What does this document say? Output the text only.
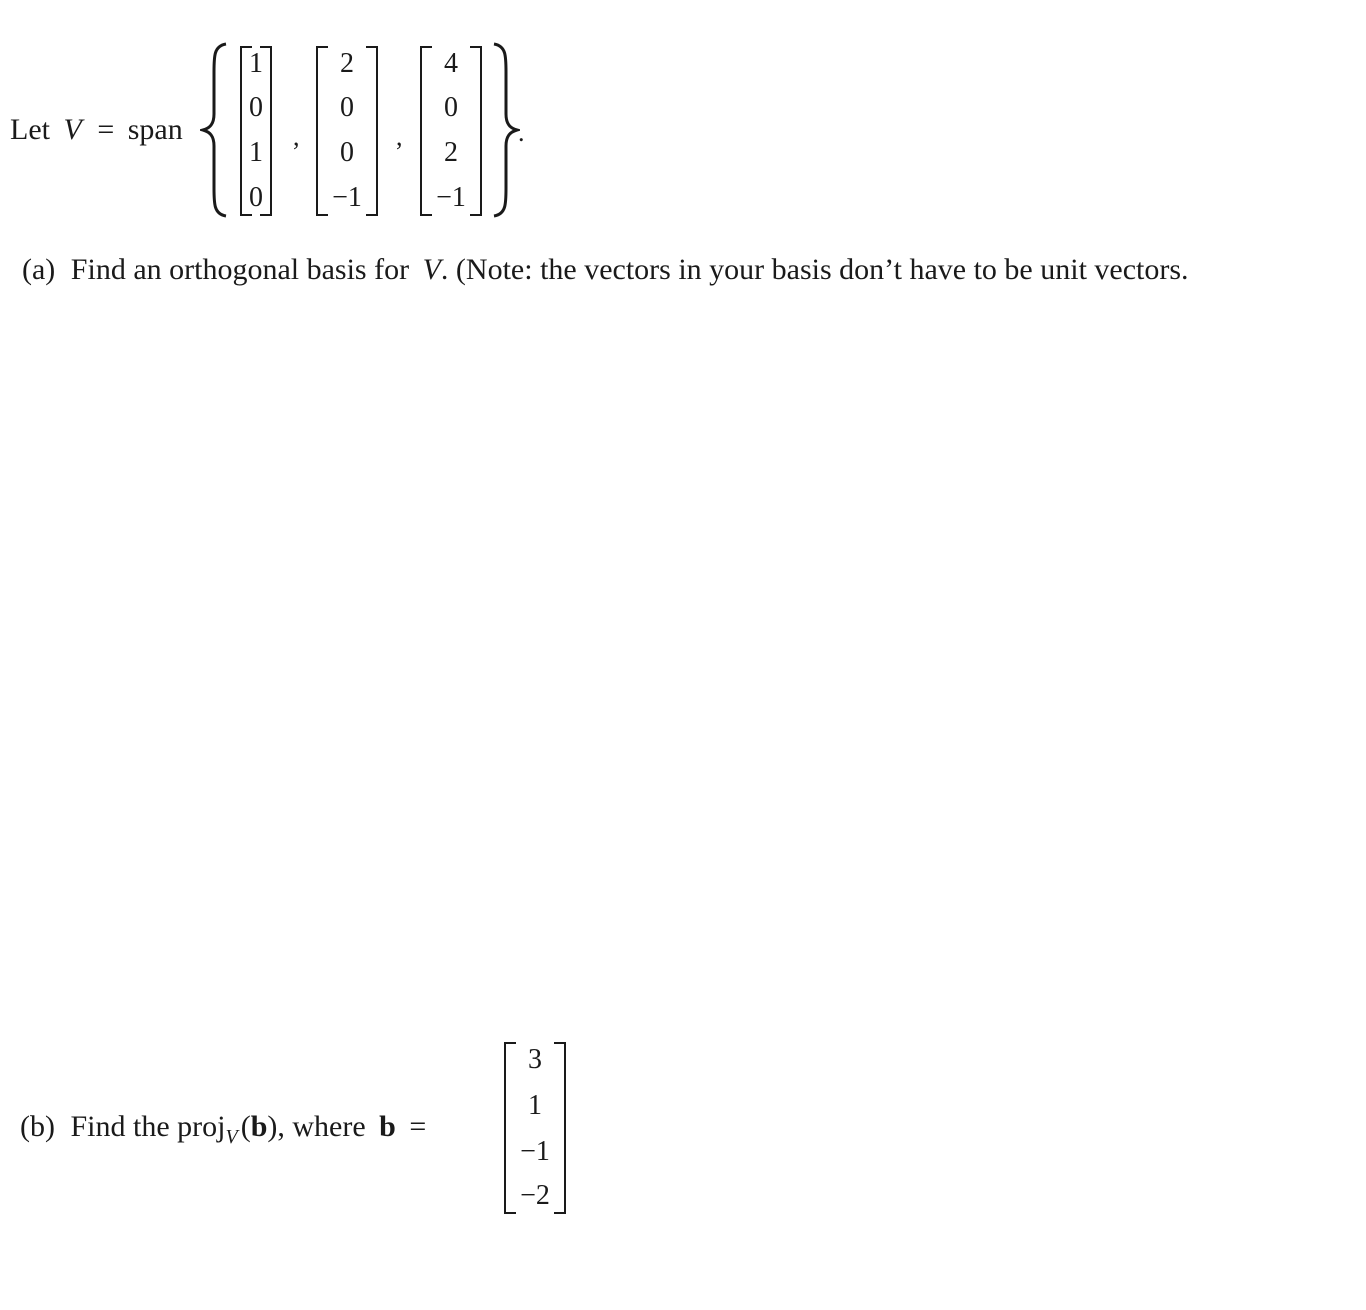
Let V = span
1
0
1
0
,
2
0
0
−1
,
4
0
2
−1
.
(a) Find an orthogonal basis for V. (Note: the vectors in your basis don’t have to be unit vectors.
(b) Find the proj$_V$ (b), where b =
3
1
−1
−2
